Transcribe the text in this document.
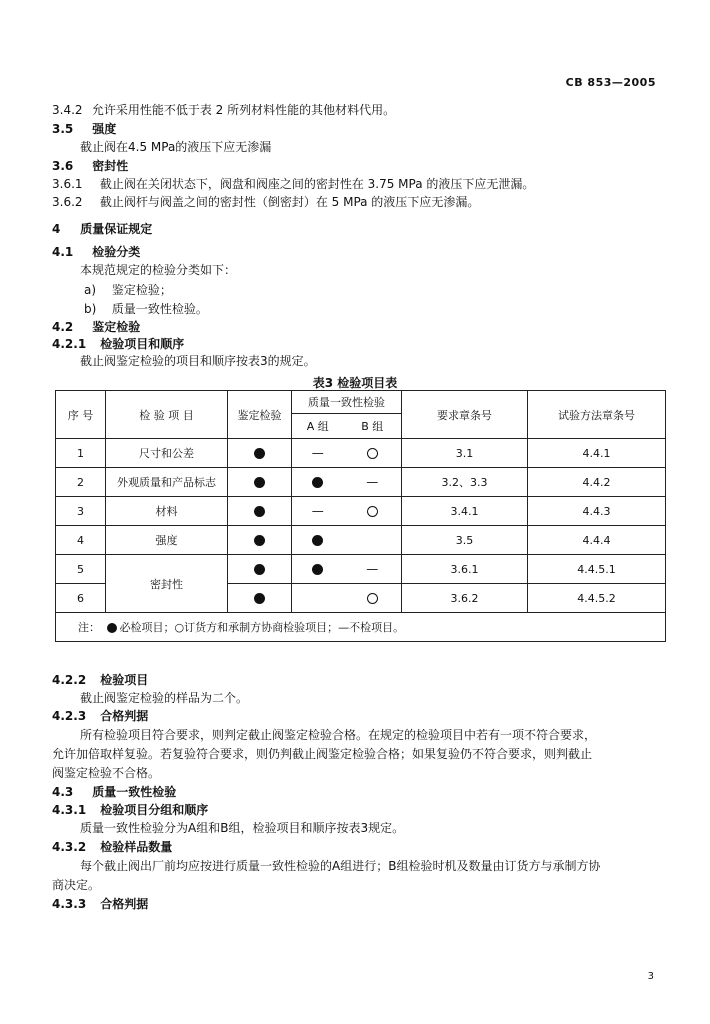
CB 853—2005
3.4.2 允许采用性能不低于表 2 所列材料性能的其他材料代用。
3.5 强度
截止阀在4.5 MPa的液压下应无渗漏
3.6 密封性
3.6.1 截止阀在关闭状态下，阀盘和阀座之间的密封性在 3.75 MPa 的液压下应无泄漏。
3.6.2 截止阀杆与阀盖之间的密封性（倒密封）在 5 MPa 的液压下应无渗漏。
4 质量保证规定
4.1 检验分类
本规范规定的检验分类如下：
a) 鉴定检验；
b) 质量一致性检验。
4.2 鉴定检验
4.2.1 检验项目和顺序
截止阀鉴定检验的项目和顺序按表3的规定。
表3 检验项目表
序 号	检 验 项 目	鉴定检验	质量一致性检验		要求章条号	试验方法章条号
			A 组	B 组		
1	尺寸和公差		—		3.1	4.4.1
2	外观质量和产品标志			—	3.2、3.3	4.4.2
3	材料		—		3.4.1	4.4.3
4	强度				3.5	4.4.4
5	密封性			—	3.6.1	4.4.5.1
6					3.6.2	4.4.5.2
注： 必检项目；○订货方和承制方协商检验项目；—不检项目。						
4.2.2 检验项目
截止阀鉴定检验的样品为二个。
4.2.3 合格判据
所有检验项目符合要求，则判定截止阀鉴定检验合格。在规定的检验项目中若有一项不符合要求，
允许加倍取样复验。若复验符合要求，则仍判截止阀鉴定检验合格；如果复验仍不符合要求，则判截止
阀鉴定检验不合格。
4.3 质量一致性检验
4.3.1 检验项目分组和顺序
质量一致性检验分为A组和B组，检验项目和顺序按表3规定。
4.3.2 检验样品数量
每个截止阀出厂前均应按进行质量一致性检验的A组进行；B组检验时机及数量由订货方与承制方协
商决定。
4.3.3 合格判据
3
